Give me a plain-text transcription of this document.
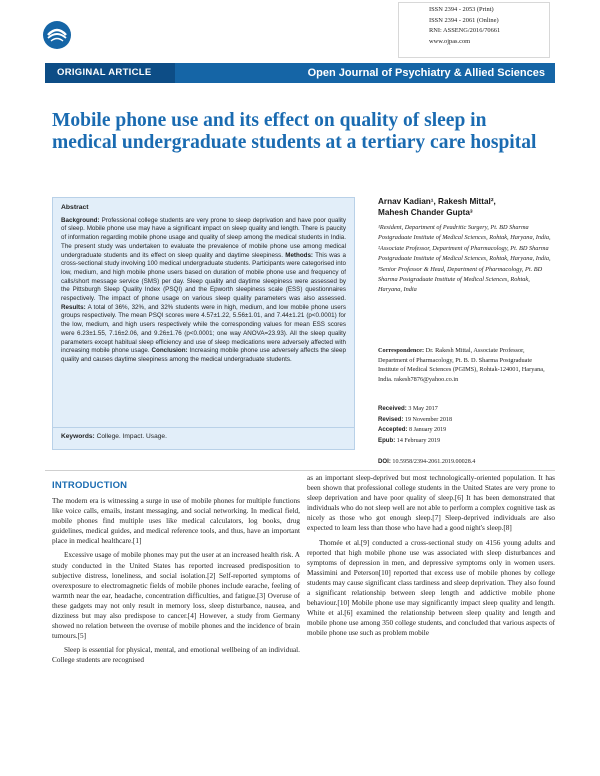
ISSN 2394 - 2053 (Print)
ISSN 2394 - 2061 (Online)
RNI: ASSENG/2016/70661
www.ojpas.com
ORIGINAL ARTICLE	Open Journal of Psychiatry & Allied Sciences
Mobile phone use and its effect on quality of sleep in medical undergraduate students at a tertiary care hospital
Abstract

Background: Professional college students are very prone to sleep deprivation and have poor quality of sleep. Mobile phone use may have a significant impact on sleep quality and length. There is paucity of information regarding mobile phone usage and quality of sleep among the medical students in India. The present study was undertaken to evaluate the prevalence of mobile phone use among medical undergraduate students and its effect on sleep quality and daytime sleepiness. Methods: This was a cross-sectional study involving 100 medical undergraduate students. Participants were categorised into low, medium, and high mobile phone users based on duration of mobile phone use and frequency of calls/short message service (SMS) per day. Sleep quality and daytime sleepiness were assessed by the Pittsburgh Sleep Quality Index (PSQI) and the Epworth sleepiness scale (ESS) questionnaires respectively. The impact of phone usage on various sleep quality parameters was also assessed. Results: A total of 36%, 32%, and 32% students were in high, medium, and low mobile phone users groups respectively. The mean PSQI scores were 4.57±1.22, 5.56±1.01, and 7.44±1.21 (p<0.0001) for the low, medium, and high users respectively while the corresponding values for mean ESS scores were 6.23±1.55, 7.16±2.06, and 9.26±1.76 (p<0.0001; one way ANOVA=23.93). All the sleep quality parameters except habitual sleep efficiency and use of sleep medications were adversely affected with increasing mobile phone usage. Conclusion: Increasing mobile phone use adversely affects the sleep quality and causes daytime sleepiness among the medical undergraduate students.

Keywords: College. Impact. Usage.
Arnav Kadian¹, Rakesh Mittal²,
Mahesh Chander Gupta³
¹Resident, Department of Peadritic Surgery, Pt. BD Sharma Postgraduate Institute of Medical Sciences, Rohtak, Haryana, India, ²Associate Professor, Department of Pharmacology, Pt. BD Sharma Postgraduate Institute of Medical Sciences, Rohtak, Haryana, India, ³Senior Professor & Head, Department of Pharmacology, Pt. BD Sharma Postgraduate Institute of Medical Sciences, Rohtak, Haryana, India
Correspondence: Dr. Rakesh Mittal, Associate Professor, Department of Pharmacology, Pt. B. D. Sharma Postgraduate Institute of Medical Sciences (PGIMS), Rohtak-124001, Haryana, India. rakesh7876@yahoo.co.in
Received: 3 May 2017
Revised: 19 November 2018
Accepted: 8 January 2019
Epub: 14 February 2019
DOI: 10.5958/2394-2061.2019.00028.4
INTRODUCTION

The modern era is witnessing a surge in use of mobile phones for multiple functions like voice calls, emails, instant messaging, and social networking. In medical field, mobile phones find multiple uses like medical calculators, log books, drug guidelines, medical guides, and medical reference tools, and thus, have an important place in medical healthcare.[1]

Excessive usage of mobile phones may put the user at an increased health risk. A study conducted in the United States has reported increased predisposition to subjective distress, loneliness, and social isolation.[2] Self-reported symptoms of overexposure to electromagnetic fields of mobile phones include earache, feeling of warmth near the ear, headache, concentration difficulties, and fatigue.[3] Overuse of these gadgets may not only result in memory loss, sleep disturbance, nausea, and dizziness but may also predispose to cancer.[4] However, a study from Germany showed no relation between the overuse of mobile phones and the incidence of brain tumours.[5]

Sleep is essential for physical, mental, and emotional wellbeing of an individual. College students are recognised

as an important sleep-deprived but most technologically-oriented population. It has been shown that professional college students in the United States are very prone to sleep deprivation and have poor quality of sleep.[6] It has been demonstrated that individuals who do not sleep well are not able to perform a complex cognitive task as nicely as those who got enough sleep.[7] Sleep-deprived individuals are also expected to learn less than those who have had a good night's sleep.[8]

Thomée et al.[9] conducted a cross-sectional study on 4156 young adults and reported that high mobile phone use was associated with sleep disturbances and symptoms of depression in men, and depressive symptoms only in women users. Massimini and Peterson[10] reported that excess use of mobile phones by college students may cause significant class tardiness and sleep deprivation. They also found a significant relationship between sleep length and addictive mobile phone behaviour.[10] Mobile phone use may significantly impact sleep quality and length. White et al.[6] examined the relationship between sleep quality and length and mobile phone use among 350 college students, and concluded that various aspects of mobile phone use such as problem mobile
